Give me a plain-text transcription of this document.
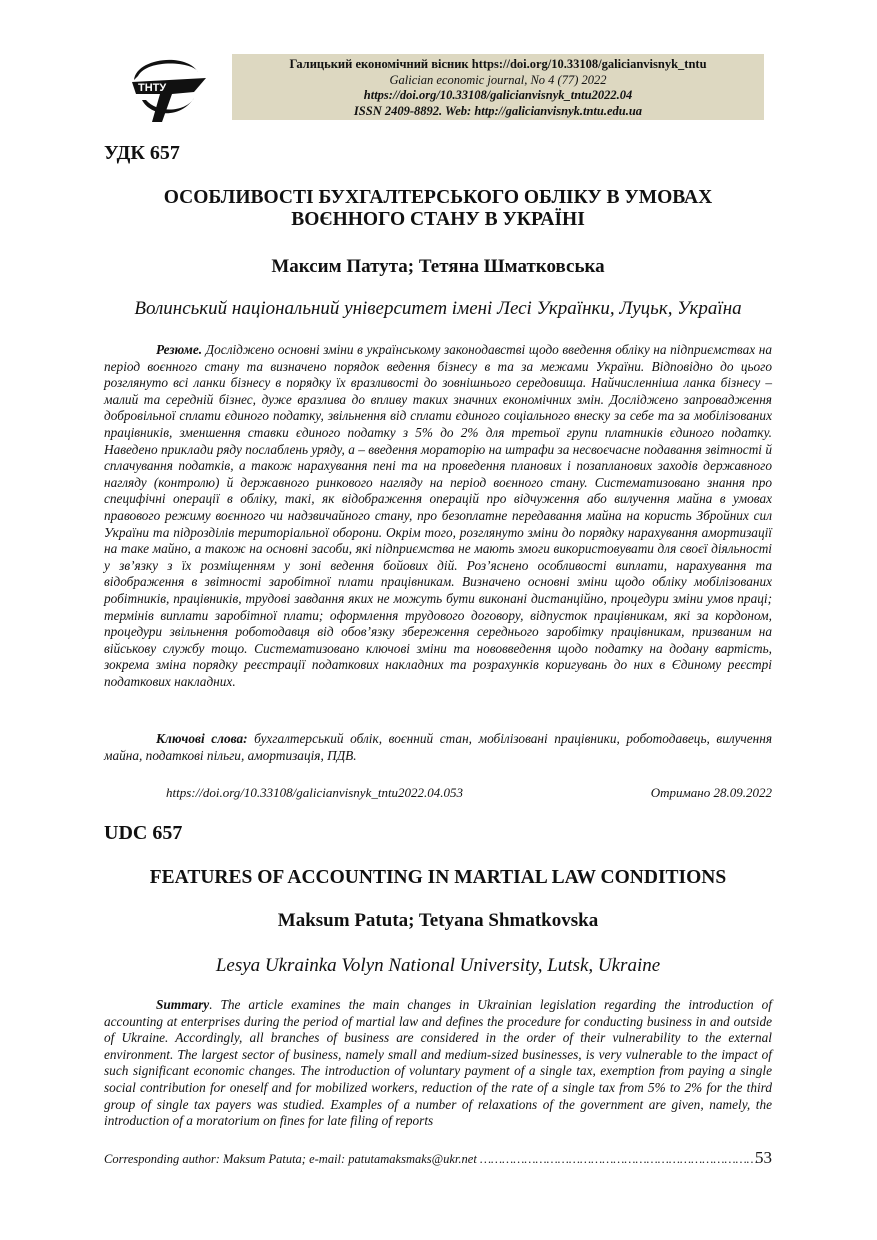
ТНТУ
Галицький економічний вісник https://doi.org/10.33108/galicianvisnyk_tntu
Galician economic journal, No 4 (77) 2022
https://doi.org/10.33108/galicianvisnyk_tntu2022.04
ISSN 2409-8892. Web: http://galicianvisnyk.tntu.edu.ua
УДК 657
ОСОБЛИВОСТІ БУХГАЛТЕРСЬКОГО ОБЛІКУ В УМОВАХ
ВОЄННОГО СТАНУ В УКРАЇНІ
Максим Патута; Тетяна Шматковська
Волинський національний університет імені Лесі Українки, Луцьк, Україна

Резюме. Досліджено основні зміни в українському законодавстві щодо введення обліку на підприємствах на період воєнного стану та визначено порядок ведення бізнесу в та за межами України. Відповідно до цього розглянуто всі ланки бізнесу в порядку їх вразливості до зовнішнього середовища. Найчисленніша ланка бізнесу – малий та середній бізнес, дуже вразлива до впливу таких значних економічних змін. Досліджено запровадження добровільної сплати єдиного податку, звільнення від сплати єдиного соціального внеску за себе та за мобілізованих працівників, зменшення ставки єдиного податку з 5% до 2% для третьої групи платників єдиного податку. Наведено приклади ряду послаблень уряду, а – введення мораторію на штрафи за несвоєчасне подавання звітності й сплачування податків, а також нарахування пені та на проведення планових і позапланових заходів державного нагляду (контролю) й державного ринкового нагляду на період воєнного стану. Систематизовано знання про специфічні операції в обліку, такі, як відображення операцій про відчуження або вилучення майна в умовах правового режиму воєнного чи надзвичайного стану, про безоплатне передавання майна на користь Збройних сил України та підрозділів територіальної оборони. Окрім того, розглянуто зміни до порядку нарахування амортизації на таке майно, а також на основні засоби, які підприємства не мають змоги використовувати для своєї діяльності у зв’язку з їх розміщенням у зоні ведення бойових дій. Роз’яснено особливості виплати, нарахування та відображення в звітності заробітної плати працівникам. Визначено основні зміни щодо обліку мобілізованих робітників, працівників, трудові завдання яких не можуть бути виконані дистанційно, процедури зміни умов праці; термінів виплати заробітної плати; оформлення трудового договору, відпусток працівникам, які за кордоном, процедури звільнення роботодавця від обов’язку збереження середнього заробітку працівникам, призваним на військову службу тощо. Систематизовано ключові зміни та нововведення щодо податку на додану вартість, зокрема зміна порядку реєстрації податкових накладних та розрахунків коригувань до них в Єдиному реєстрі податкових накладних.

Ключові слова: бухгалтерський облік, воєнний стан, мобілізовані працівники, роботодавець, вилучення майна, податкові пільги, амортизація, ПДВ.

https://doi.org/10.33108/galicianvisnyk_tntu2022.04.053	Отримано 28.09.2022
UDC 657
FEATURES OF ACCOUNTING IN MARTIAL LAW CONDITIONS
Maksum Patuta; Tetyana Shmatkovska
Lesya Ukrainka Volyn National University, Lutsk, Ukraine

Summary. The article examines the main changes in Ukrainian legislation regarding the introduction of accounting at enterprises during the period of martial law and defines the procedure for conducting business in and outside of Ukraine. Accordingly, all branches of business are considered in the order of their vulnerability to the external environment. The largest sector of business, namely small and medium-sized businesses, is very vulnerable to the impact of such significant economic changes. The introduction of voluntary payment of a single tax, exemption from paying a single social contribution for oneself and for mobilized workers, reduction of the rate of a single tax from 5% to 2% for the third group of single tax payers was studied. Examples of a number of relaxations of the government are given, namely, the introduction of a moratorium on fines for late filing of reports

Corresponding author: Maksum Patuta; e-mail: patutamaksmaks@ukr.net …………………………………………………………………
53
